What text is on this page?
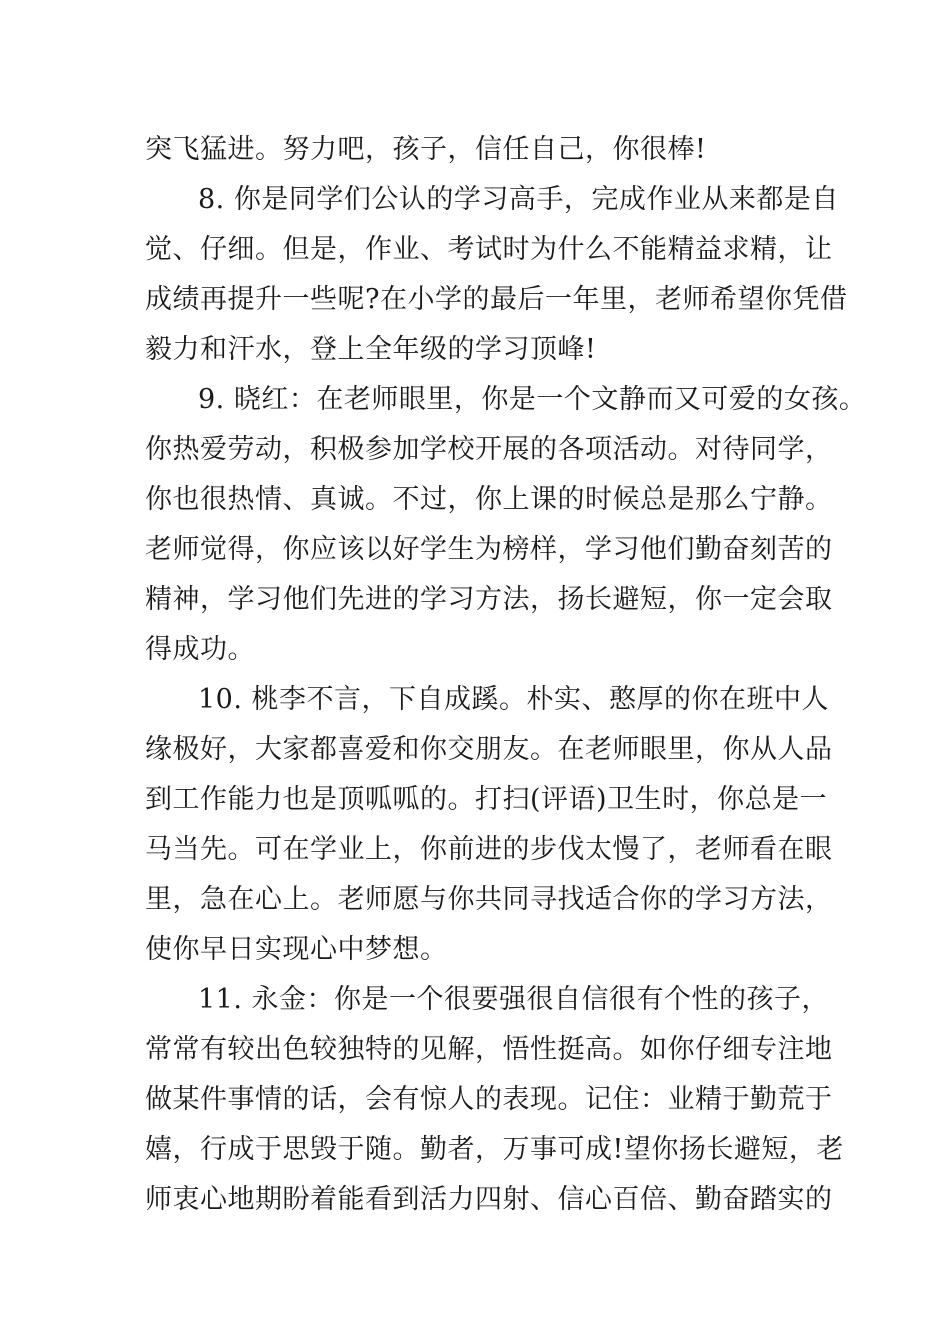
突飞猛进。努力吧，孩子，信任自己，你很棒!
8. 你是同学们公认的学习高手，完成作业从来都是自
觉、仔细。但是，作业、考试时为什么不能精益求精，让
成绩再提升一些呢?在小学的最后一年里，老师希望你凭借
毅力和汗水，登上全年级的学习顶峰!
9. 晓红：在老师眼里，你是一个文静而又可爱的女孩。
你热爱劳动，积极参加学校开展的各项活动。对待同学，
你也很热情、真诚。不过，你上课的时候总是那么宁静。
老师觉得，你应该以好学生为榜样，学习他们勤奋刻苦的
精神，学习他们先进的学习方法，扬长避短，你一定会取
得成功。
10. 桃李不言，下自成蹊。朴实、憨厚的你在班中人
缘极好，大家都喜爱和你交朋友。在老师眼里，你从人品
到工作能力也是顶呱呱的。打扫(评语)卫生时，你总是一
马当先。可在学业上，你前进的步伐太慢了，老师看在眼
里，急在心上。老师愿与你共同寻找适合你的学习方法，
使你早日实现心中梦想。
11. 永金：你是一个很要强很自信很有个性的孩子，
常常有较出色较独特的见解，悟性挺高。如你仔细专注地
做某件事情的话，会有惊人的表现。记住：业精于勤荒于
嬉，行成于思毁于随。勤者，万事可成!望你扬长避短，老
师衷心地期盼着能看到活力四射、信心百倍、勤奋踏实的
